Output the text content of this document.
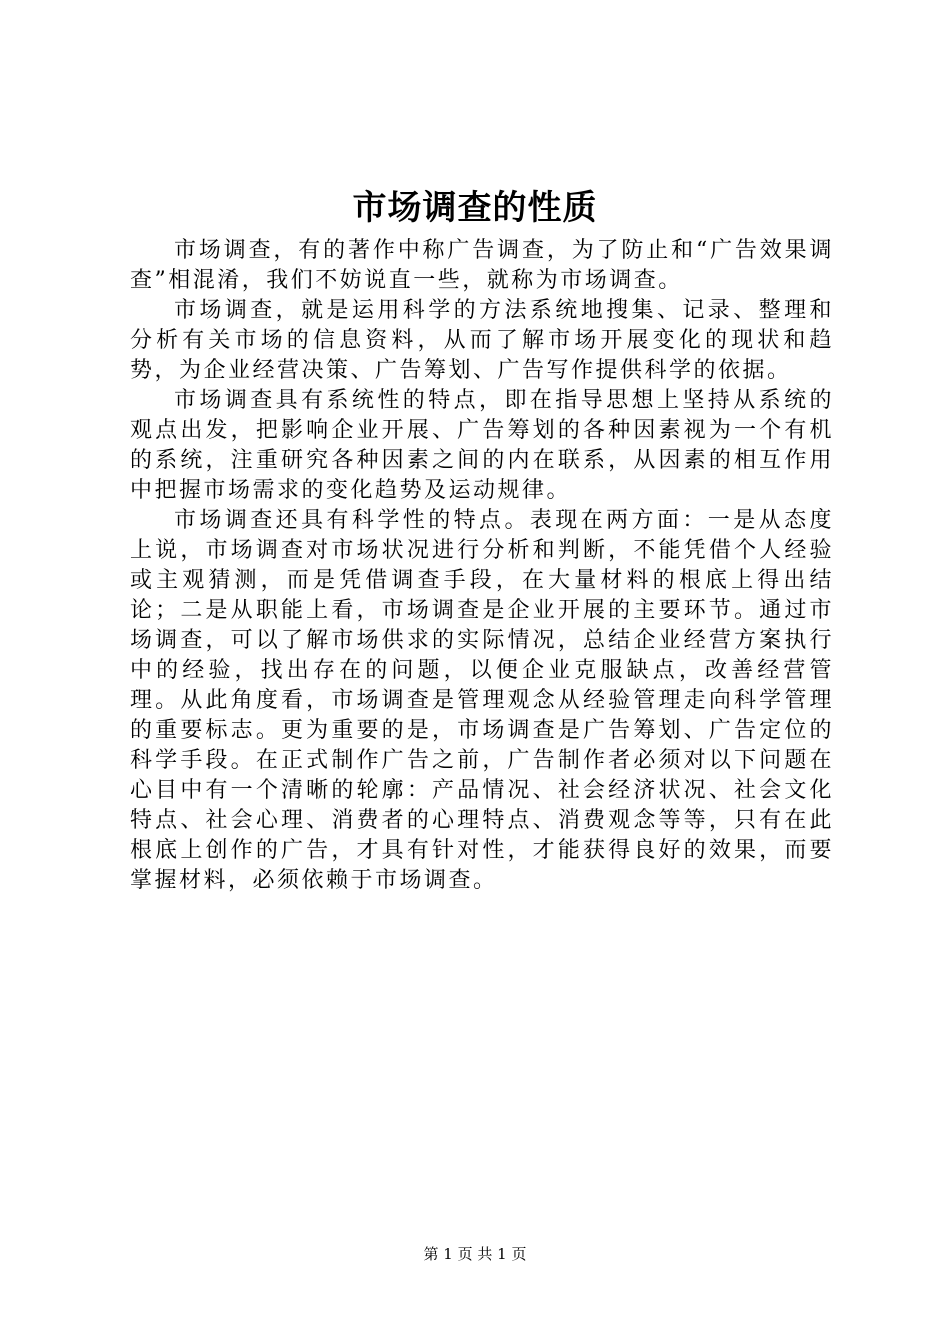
市场调查的性质

市场调查，有的著作中称广告调查，为了防止和“广告效果调查”相混淆，我们不妨说直一些，就称为市场调查。

市场调查，就是运用科学的方法系统地搜集、记录、整理和分析有关市场的信息资料，从而了解市场开展变化的现状和趋势，为企业经营决策、广告筹划、广告写作提供科学的依据。

市场调查具有系统性的特点，即在指导思想上坚持从系统的观点出发，把影响企业开展、广告筹划的各种因素视为一个有机的系统，注重研究各种因素之间的内在联系，从因素的相互作用中把握市场需求的变化趋势及运动规律。

市场调查还具有科学性的特点。表现在两方面：一是从态度上说，市场调查对市场状况进行分析和判断，不能凭借个人经验或主观猜测，而是凭借调查手段，在大量材料的根底上得出结论；二是从职能上看，市场调查是企业开展的主要环节。通过市场调查，可以了解市场供求的实际情况，总结企业经营方案执行中的经验，找出存在的问题，以便企业克服缺点，改善经营管理。从此角度看，市场调查是管理观念从经验管理走向科学管理的重要标志。更为重要的是，市场调查是广告筹划、广告定位的科学手段。在正式制作广告之前，广告制作者必须对以下问题在心目中有一个清晰的轮廓：产品情况、社会经济状况、社会文化特点、社会心理、消费者的心理特点、消费观念等等，只有在此根底上创作的广告，才具有针对性，才能获得良好的效果，而要掌握材料，必须依赖于市场调查。

第 1 页 共 1 页
